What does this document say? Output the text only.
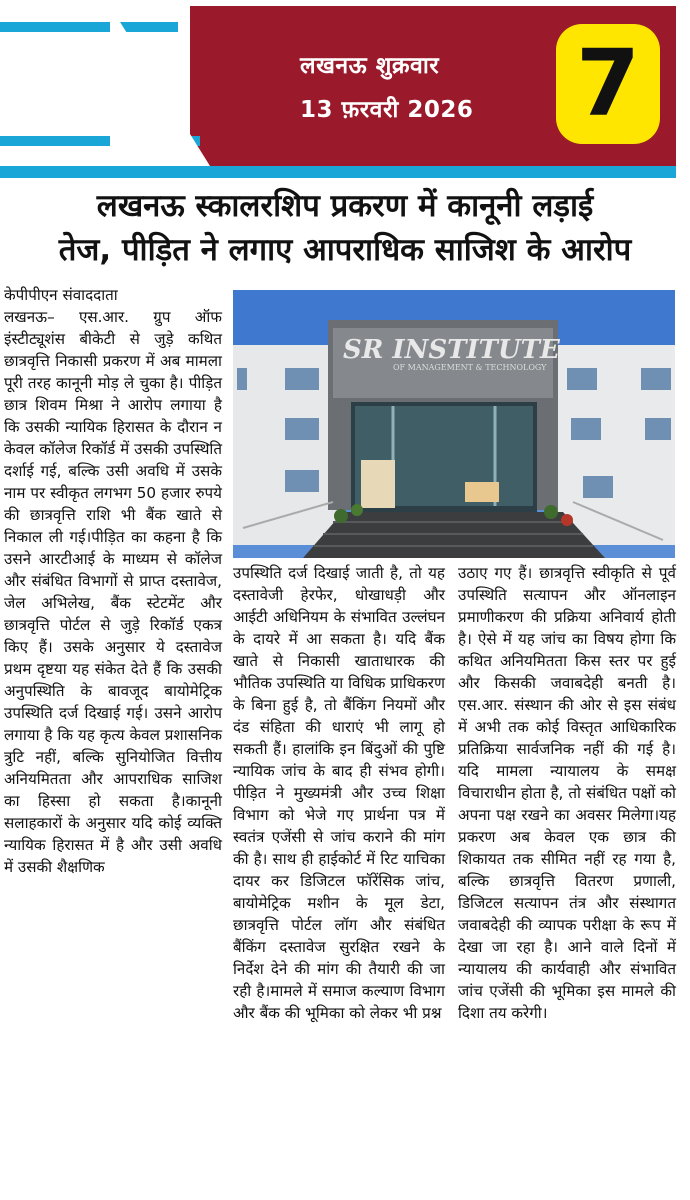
लखनऊ शुक्रवार
13 फ़रवरी 2026 7
लखनऊ स्कालरशिप प्रकरण में कानूनी लड़ाई
तेज, पीड़ित ने लगाए आपराधिक साजिश के आरोप
SR INSTITUTE
OF MANAGEMENT & TECHNOLOGY
केपीपीएन संवाददाता
लखनऊ– एस.आर. ग्रुप ऑफ इंस्टीट्यूशंस बीकेटी से जुड़े कथित छात्रवृत्ति निकासी प्रकरण में अब मामला पूरी तरह कानूनी मोड़ ले चुका है। पीड़ित छात्र शिवम मिश्रा ने आरोप लगाया है कि उसकी न्यायिक हिरासत के दौरान न केवल कॉलेज रिकॉर्ड में उसकी उपस्थिति दर्शाई गई, बल्कि उसी अवधि में उसके नाम पर स्वीकृत लगभग 50 हजार रुपये की छात्रवृत्ति राशि भी बैंक खाते से निकाल ली गई।पीड़ित का कहना है कि उसने आरटीआई के माध्यम से कॉलेज और संबंधित विभागों से प्राप्त दस्तावेज, जेल अभिलेख, बैंक स्टेटमेंट और छात्रवृत्ति पोर्टल से जुड़े रिकॉर्ड एकत्र किए हैं। उसके अनुसार ये दस्तावेज प्रथम दृष्टया यह संकेत देते हैं कि उसकी अनुपस्थिति के बावजूद बायोमेट्रिक उपस्थिति दर्ज दिखाई गई। उसने आरोप लगाया है कि यह कृत्य केवल प्रशासनिक त्रुटि नहीं, बल्कि सुनियोजित वित्तीय अनियमितता और आपराधिक साजिश का हिस्सा हो सकता है।कानूनी सलाहकारों के अनुसार यदि कोई व्यक्ति न्यायिक हिरासत में है और उसी अवधि में उसकी शैक्षणिक
उपस्थिति दर्ज दिखाई जाती है, तो यह दस्तावेजी हेरफेर, धोखाधड़ी और आईटी अधिनियम के संभावित उल्लंघन के दायरे में आ सकता है। यदि बैंक खाते से निकासी खाताधारक की भौतिक उपस्थिति या विधिक प्राधिकरण के बिना हुई है, तो बैंकिंग नियमों और दंड संहिता की धाराएं भी लागू हो सकती हैं। हालांकि इन बिंदुओं की पुष्टि न्यायिक जांच के बाद ही संभव होगी।पीड़ित ने मुख्यमंत्री और उच्च शिक्षा विभाग को भेजे गए प्रार्थना पत्र में स्वतंत्र एजेंसी से जांच कराने की मांग की है। साथ ही हाईकोर्ट में रिट याचिका दायर कर डिजिटल फॉरेंसिक जांच, बायोमेट्रिक मशीन के मूल डेटा, छात्रवृत्ति पोर्टल लॉग और संबंधित बैंकिंग दस्तावेज सुरक्षित रखने के निर्देश देने की मांग की तैयारी की जा रही है।मामले में समाज कल्याण विभाग और बैंक की भूमिका को लेकर भी प्रश्न
उठाए गए हैं। छात्रवृत्ति स्वीकृति से पूर्व उपस्थिति सत्यापन और ऑनलाइन प्रमाणीकरण की प्रक्रिया अनिवार्य होती है। ऐसे में यह जांच का विषय होगा कि कथित अनियमितता किस स्तर पर हुई और किसकी जवाबदेही बनती है।एस.आर. संस्थान की ओर से इस संबंध में अभी तक कोई विस्तृत आधिकारिक प्रतिक्रिया सार्वजनिक नहीं की गई है। यदि मामला न्यायालय के समक्ष विचाराधीन होता है, तो संबंधित पक्षों को अपना पक्ष रखने का अवसर मिलेगा।यह प्रकरण अब केवल एक छात्र की शिकायत तक सीमित नहीं रह गया है, बल्कि छात्रवृत्ति वितरण प्रणाली, डिजिटल सत्यापन तंत्र और संस्थागत जवाबदेही की व्यापक परीक्षा के रूप में देखा जा रहा है। आने वाले दिनों में न्यायालय की कार्यवाही और संभावित जांच एजेंसी की भूमिका इस मामले की दिशा तय करेगी।
